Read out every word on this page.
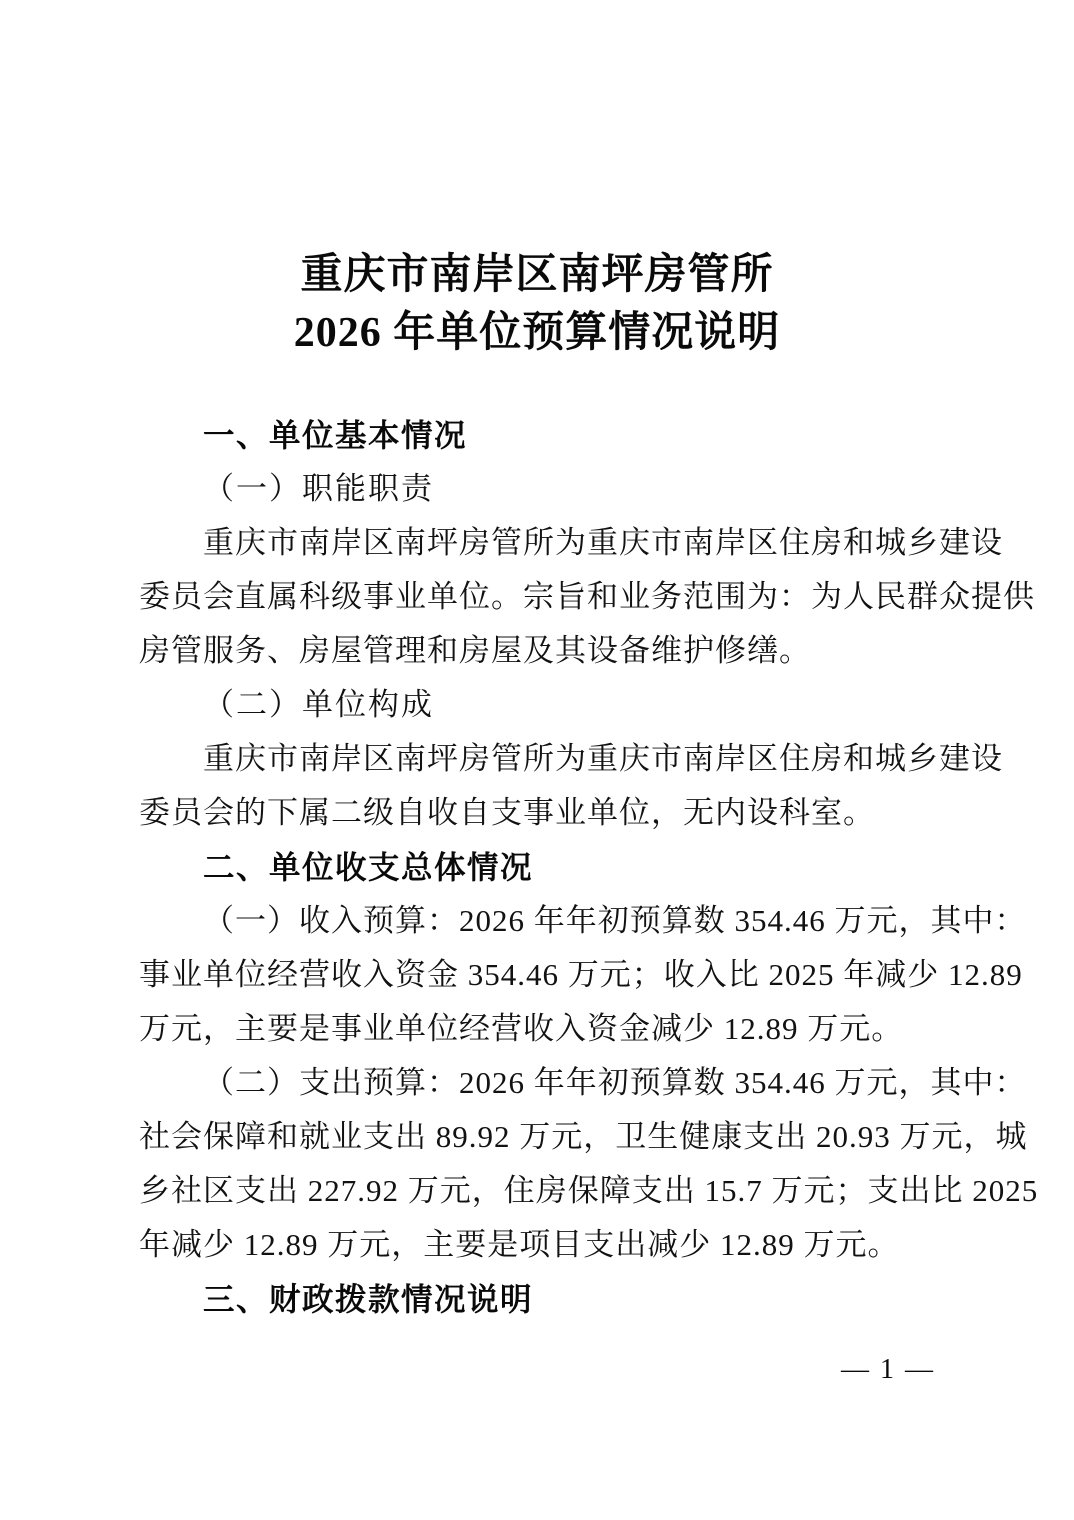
重庆市南岸区南坪房管所
2026 年单位预算情况说明
一、单位基本情况
（一）职能职责
重庆市南岸区南坪房管所为重庆市南岸区住房和城乡建设
委员会直属科级事业单位。宗旨和业务范围为：为人民群众提供
房管服务、房屋管理和房屋及其设备维护修缮。
（二）单位构成
重庆市南岸区南坪房管所为重庆市南岸区住房和城乡建设
委员会的下属二级自收自支事业单位，无内设科室。
二、单位收支总体情况
（一）收入预算：2026 年年初预算数 354.46 万元，其中：
事业单位经营收入资金 354.46 万元；收入比 2025 年减少 12.89
万元，主要是事业单位经营收入资金减少 12.89 万元。
（二）支出预算：2026 年年初预算数 354.46 万元，其中：
社会保障和就业支出 89.92 万元，卫生健康支出 20.93 万元，城
乡社区支出 227.92 万元，住房保障支出 15.7 万元；支出比 2025
年减少 12.89 万元，主要是项目支出减少 12.89 万元。
三、财政拨款情况说明
— 1 —
